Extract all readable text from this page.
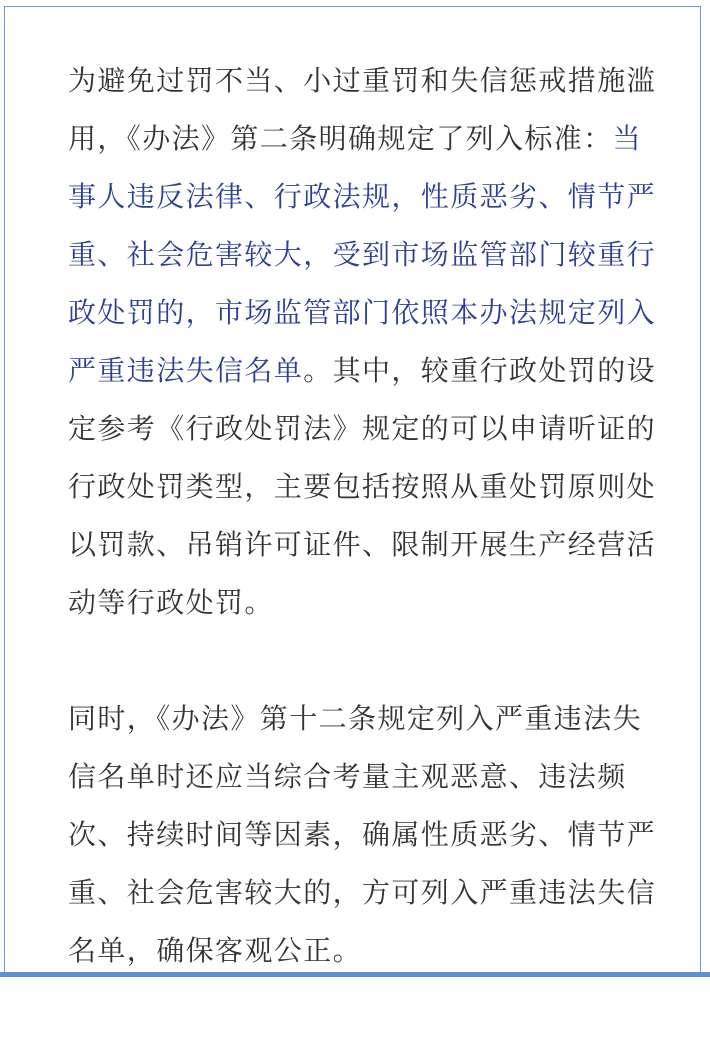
为避免过罚不当、小过重罚和失信惩戒措施滥用，《办法》第二条明确规定了列入标准：当事人违反法律、行政法规，性质恶劣、情节严重、社会危害较大，受到市场监管部门较重行政处罚的，市场监管部门依照本办法规定列入严重违法失信名单。其中，较重行政处罚的设定参考《行政处罚法》规定的可以申请听证的行政处罚类型，主要包括按照从重处罚原则处以罚款、吊销许可证件、限制开展生产经营活动等行政处罚。

同时，《办法》第十二条规定列入严重违法失信名单时还应当综合考量主观恶意、违法频次、持续时间等因素，确属性质恶劣、情节严重、社会危害较大的，方可列入严重违法失信名单，确保客观公正。
